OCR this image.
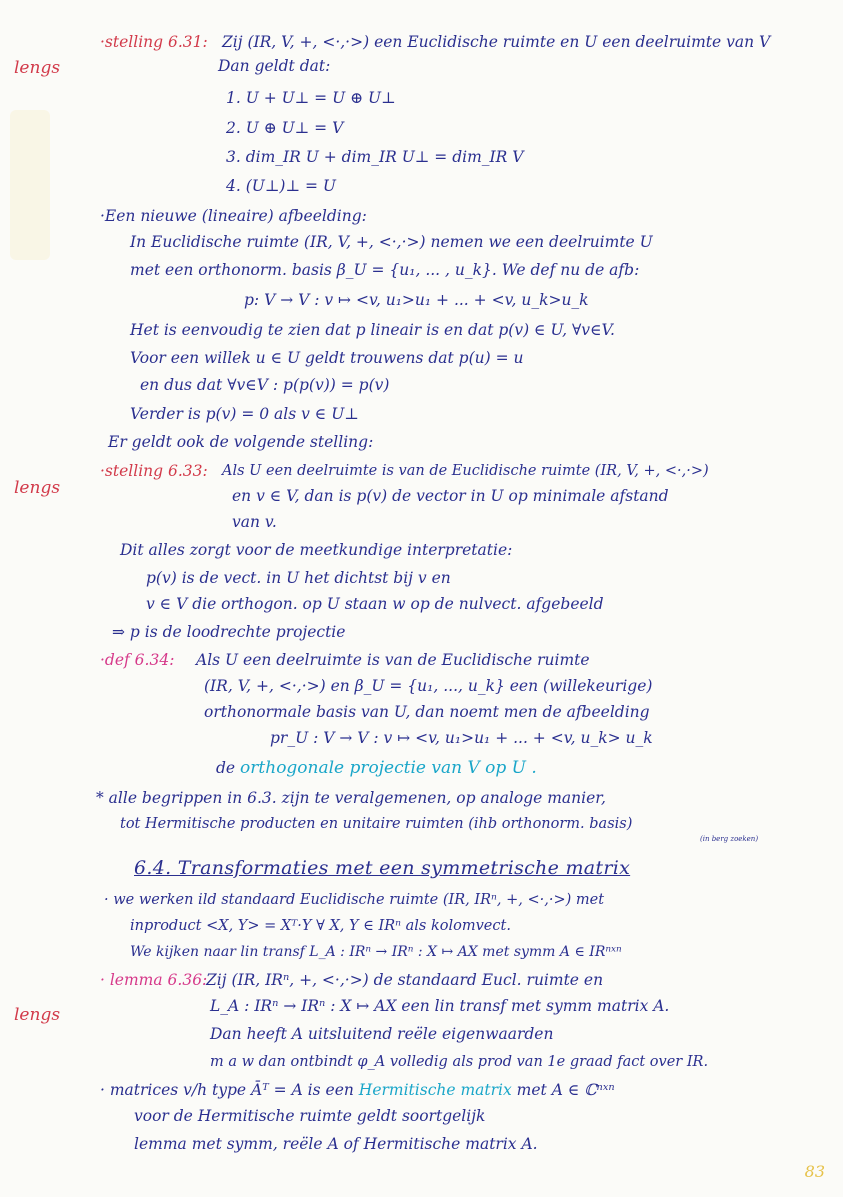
lengs
lengs
lengs
·stelling 6.31: Zij (IR, V, +, <·,·>) een Euclidische ruimte en U een deelruimte van V
Dan geldt dat:
1. U + U⊥ = U ⊕ U⊥
2. U ⊕ U⊥ = V
3. dim_IR U + dim_IR U⊥ = dim_IR V
4. (U⊥)⊥ = U
·Een nieuwe (lineaire) afbeelding:
In Euclidische ruimte (IR, V, +, <·,·>) nemen we een deelruimte U
met een orthonorm. basis β_U = {u₁, ... , u_k}. We def nu de afb:
p: V → V : v ↦ <v, u₁>u₁ + ... + <v, u_k>u_k
Het is eenvoudig te zien dat p lineair is en dat p(v) ∈ U, ∀v∈V.
Voor een willek u ∈ U geldt trouwens dat p(u) = u
en dus dat ∀v∈V : p(p(v)) = p(v)
Verder is p(v) = 0 als v ∈ U⊥
Er geldt ook de volgende stelling:
·stelling 6.33: Als U een deelruimte is van de Euclidische ruimte (IR, V, +, <·,·>)
en v ∈ V, dan is p(v) de vector in U op minimale afstand
van v.
Dit alles zorgt voor de meetkundige interpretatie:
p(v) is de vect. in U het dichtst bij v en
v ∈ V die orthogon. op U staan w op de nulvect. afgebeeld
⇒ p is de loodrechte projectie
·def 6.34: Als U een deelruimte is van de Euclidische ruimte
(IR, V, +, <·,·>) en β_U = {u₁, ..., u_k} een (willekeurige)
orthonormale basis van U, dan noemt men de afbeelding
pr_U : V → V : v ↦ <v, u₁>u₁ + ... + <v, u_k> u_k
de orthogonale projectie van V op U .
* alle begrippen in 6.3. zijn te veralgemenen, op analoge manier,
tot Hermitische producten en unitaire ruimten (ihb orthonorm. basis)
(in berg zoeken)
6.4. Transformaties met een symmetrische matrix
· we werken ild standaard Euclidische ruimte (IR, IRⁿ, +, <·,·>) met
inproduct <X, Y> = Xᵀ·Y ∀ X, Y ∈ IRⁿ als kolomvect.
We kijken naar lin transf L_A : IRⁿ → IRⁿ : X ↦ AX met symm A ∈ IRⁿˣⁿ
· lemma 6.36:
Zij (IR, IRⁿ, +, <·,·>) de standaard Eucl. ruimte en
L_A : IRⁿ → IRⁿ : X ↦ AX een lin transf met symm matrix A.
Dan heeft A uitsluitend reële eigenwaarden
m a w dan ontbindt φ_A volledig als prod van 1e graad fact over IR.
· matrices v/h type Āᵀ = A is een Hermitische matrix met A ∈ ℂⁿˣⁿ
voor de Hermitische ruimte geldt soortgelijk
lemma met symm, reële A of Hermitische matrix A.
83
